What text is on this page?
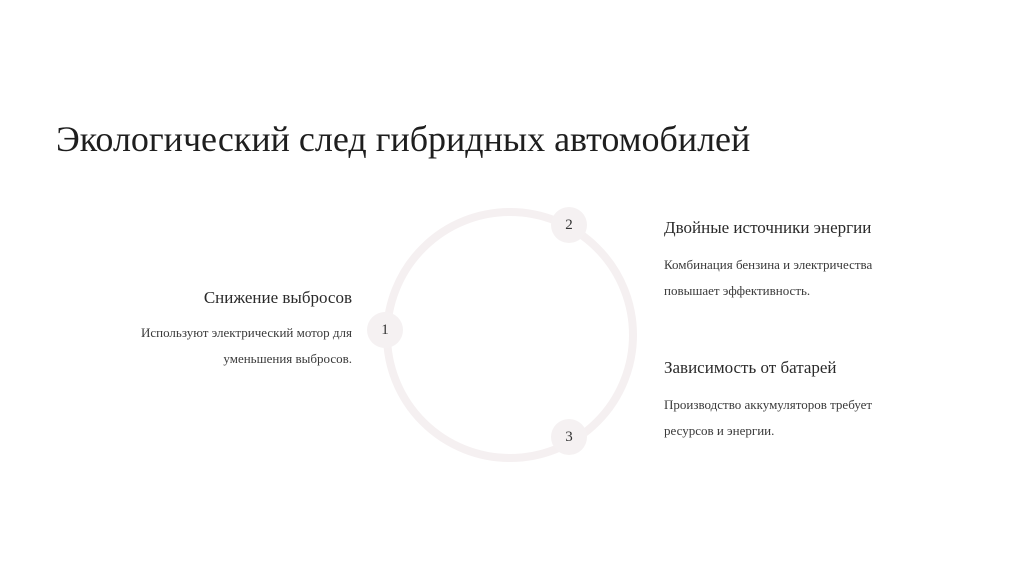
Экологический след гибридных автомобилей
1
Снижение выбросов
Используют электрический мотор для
уменьшения выбросов.
2	Двойные источники энергии
Комбинация бензина и электричества
повышает эффективность.
3
Зависимость от батарей
Производство аккумуляторов требует
ресурсов и энергии.
